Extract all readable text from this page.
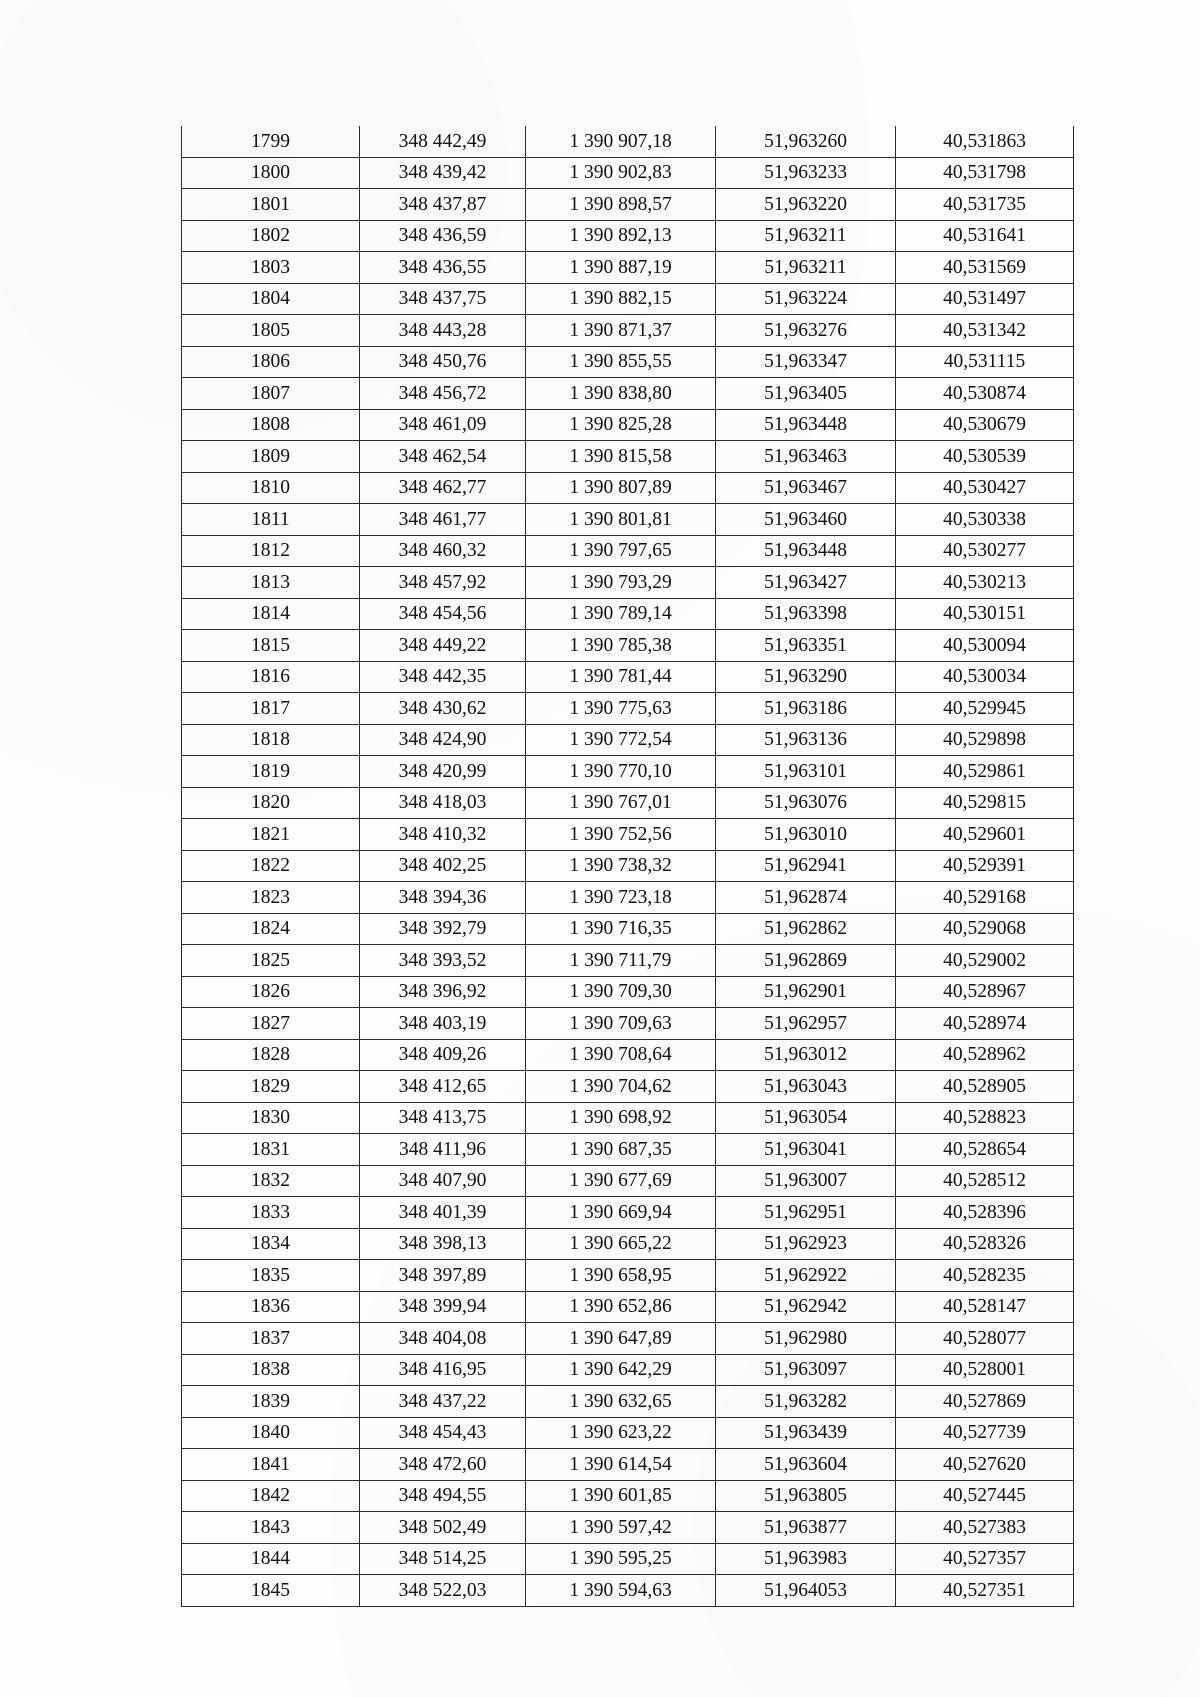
1799	348 442,49	1 390 907,18	51,963260	40,531863
1800	348 439,42	1 390 902,83	51,963233	40,531798
1801	348 437,87	1 390 898,57	51,963220	40,531735
1802	348 436,59	1 390 892,13	51,963211	40,531641
1803	348 436,55	1 390 887,19	51,963211	40,531569
1804	348 437,75	1 390 882,15	51,963224	40,531497
1805	348 443,28	1 390 871,37	51,963276	40,531342
1806	348 450,76	1 390 855,55	51,963347	40,531115
1807	348 456,72	1 390 838,80	51,963405	40,530874
1808	348 461,09	1 390 825,28	51,963448	40,530679
1809	348 462,54	1 390 815,58	51,963463	40,530539
1810	348 462,77	1 390 807,89	51,963467	40,530427
1811	348 461,77	1 390 801,81	51,963460	40,530338
1812	348 460,32	1 390 797,65	51,963448	40,530277
1813	348 457,92	1 390 793,29	51,963427	40,530213
1814	348 454,56	1 390 789,14	51,963398	40,530151
1815	348 449,22	1 390 785,38	51,963351	40,530094
1816	348 442,35	1 390 781,44	51,963290	40,530034
1817	348 430,62	1 390 775,63	51,963186	40,529945
1818	348 424,90	1 390 772,54	51,963136	40,529898
1819	348 420,99	1 390 770,10	51,963101	40,529861
1820	348 418,03	1 390 767,01	51,963076	40,529815
1821	348 410,32	1 390 752,56	51,963010	40,529601
1822	348 402,25	1 390 738,32	51,962941	40,529391
1823	348 394,36	1 390 723,18	51,962874	40,529168
1824	348 392,79	1 390 716,35	51,962862	40,529068
1825	348 393,52	1 390 711,79	51,962869	40,529002
1826	348 396,92	1 390 709,30	51,962901	40,528967
1827	348 403,19	1 390 709,63	51,962957	40,528974
1828	348 409,26	1 390 708,64	51,963012	40,528962
1829	348 412,65	1 390 704,62	51,963043	40,528905
1830	348 413,75	1 390 698,92	51,963054	40,528823
1831	348 411,96	1 390 687,35	51,963041	40,528654
1832	348 407,90	1 390 677,69	51,963007	40,528512
1833	348 401,39	1 390 669,94	51,962951	40,528396
1834	348 398,13	1 390 665,22	51,962923	40,528326
1835	348 397,89	1 390 658,95	51,962922	40,528235
1836	348 399,94	1 390 652,86	51,962942	40,528147
1837	348 404,08	1 390 647,89	51,962980	40,528077
1838	348 416,95	1 390 642,29	51,963097	40,528001
1839	348 437,22	1 390 632,65	51,963282	40,527869
1840	348 454,43	1 390 623,22	51,963439	40,527739
1841	348 472,60	1 390 614,54	51,963604	40,527620
1842	348 494,55	1 390 601,85	51,963805	40,527445
1843	348 502,49	1 390 597,42	51,963877	40,527383
1844	348 514,25	1 390 595,25	51,963983	40,527357
1845	348 522,03	1 390 594,63	51,964053	40,527351
